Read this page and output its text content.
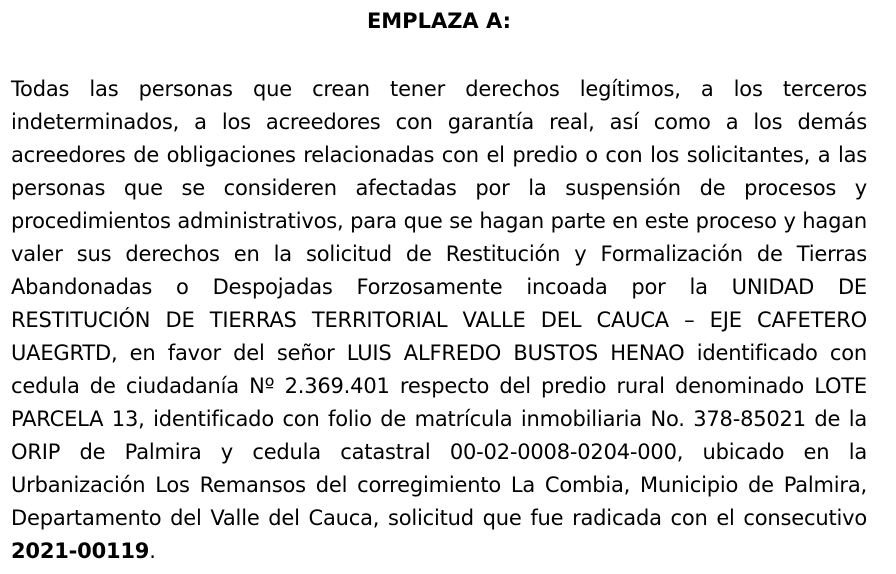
EMPLAZA A:

Todas las personas que crean tener derechos legítimos, a los terceros indeterminados, a los acreedores con garantía real, así como a los demás acreedores de obligaciones relacionadas con el predio o con los solicitantes, a las personas que se consideren afectadas por la suspensión de procesos y procedimientos administrativos, para que se hagan parte en este proceso y hagan valer sus derechos en la solicitud de Restitución y Formalización de Tierras Abandonadas o Despojadas Forzosamente incoada por la UNIDAD DE RESTITUCIÓN DE TIERRAS TERRITORIAL VALLE DEL CAUCA – EJE CAFETERO UAEGRTD, en favor del señor LUIS ALFREDO BUSTOS HENAO identificado con cedula de ciudadanía Nº 2.369.401 respecto del predio rural denominado LOTE PARCELA 13, identificado con folio de matrícula inmobiliaria No. 378-85021 de la ORIP de Palmira y cedula catastral 00-02-0008-0204-000, ubicado en la Urbanización Los Remansos del corregimiento La Combia, Municipio de Palmira, Departamento del Valle del Cauca, solicitud que fue radicada con el consecutivo 2021-00119.
